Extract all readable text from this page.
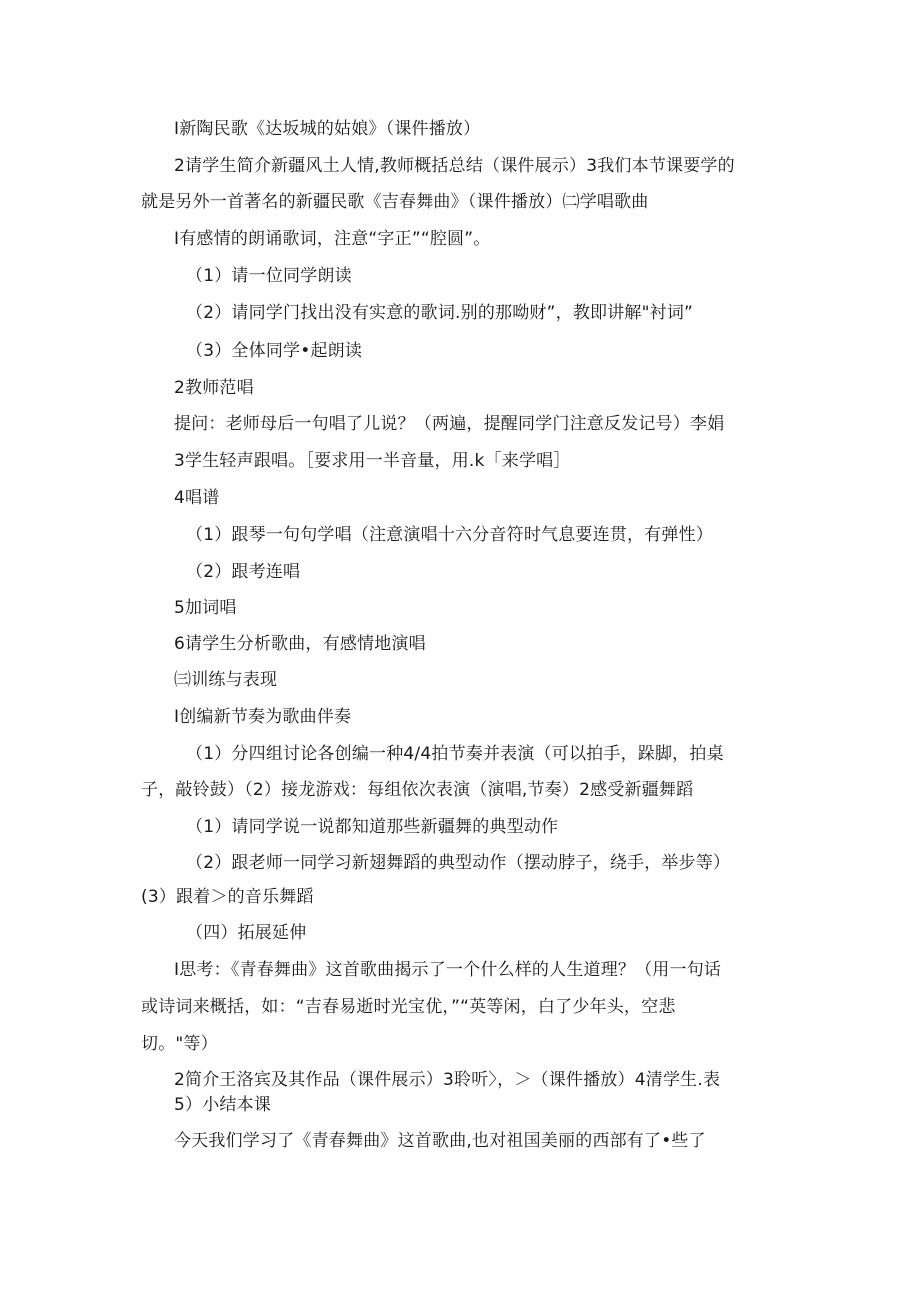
I新陶民歌《达坂城的姑娘》（课件播放）
2请学生简介新疆风土人情,教师概括总结（课件展示）3我们本节课要学的
就是另外一首著名的新疆民歌《吉春舞曲》（课件播放）㈡学唱歌曲
I有感情的朗诵歌词，注意“字正”“腔圆”。
（1）请一位同学朗读
（2）请同学门找出没有实意的歌词.别的那呦财”，教即讲解"衬词”
（3）全体同学•起朗读
2教师范唱
提问：老师母后一句唱了儿说？（两遍，提醒同学门注意反发记号）李娟
3学生轻声跟唱。［要求用一半音量，用.k「来学唱］
4唱谱
（1）跟琴一句句学唱（注意演唱十六分音符时气息要连贯，有弹性）
（2）跟考连唱
5加词唱
6请学生分析歌曲，有感情地演唱
㈢训练与表现
I创编新节奏为歌曲伴奏
（1）分四组讨论各创编一种4/4拍节奏并表演（可以拍手，跺脚，拍桌
子，敲铃鼓）（2）接龙游戏：每组依次表演（演唱,节奏）2感受新疆舞蹈
（1）请同学说一说都知道那些新疆舞的典型动作
（2）跟老师一同学习新翅舞蹈的典型动作（摆动脖子，绕手，举步等）
(3）跟着＞的音乐舞蹈
（四）拓展延伸
I思考：《青春舞曲》这首歌曲揭示了一个什么样的人生道理？（用一句话
或诗词来概括，如：“吉春易逝时光宝优，”“英等闲，白了少年头，空悲
切。"等）
2简介王洛宾及其作品（课件展示）3聆听〉，＞（课件播放）4清学生.表
5）小结本课
今天我们学习了《青春舞曲》这首歌曲,也对祖国美丽的西部有了•些了
